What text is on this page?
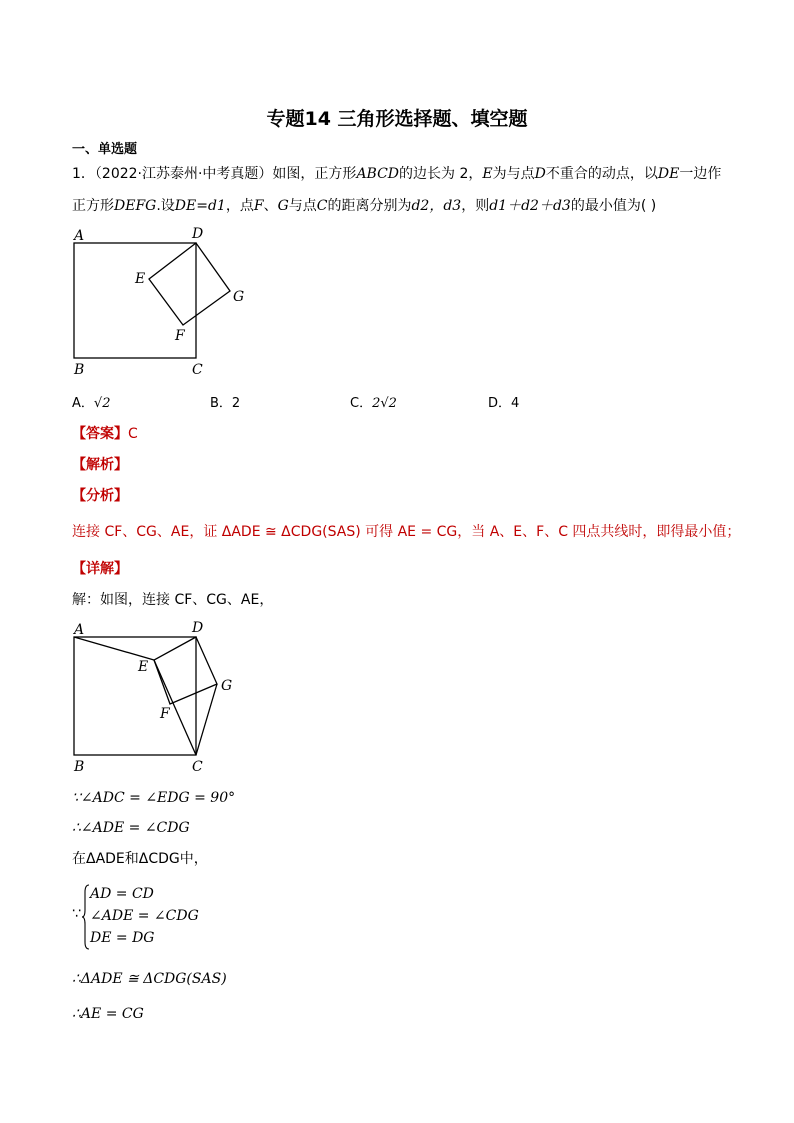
专题14 三角形选择题、填空题
一、单选题
1．（2022·江苏泰州·中考真题）如图，正方形ABCD的边长为 2，E为与点D不重合的动点，以DE一边作
正方形DEFG.设DE=d1，点F、G与点C的距离分别为d2，d3，则d1＋d2＋d3的最小值为( )
A	D
E
G
F
B	C
A．√2	B．2	C．2√2	D．4
【答案】C
【解析】
【分析】
连接 CF、CG、AE，证 ΔADE ≅ ΔCDG(SAS) 可得 AE = CG，当 A、E、F、C 四点共线时，即得最小值；
【详解】
解：如图，连接 CF、CG、AE，
A	D
E
G
F
B	C
∵∠ADC = ∠EDG = 90°
∴∠ADE = ∠CDG
在ΔADE和ΔCDG中，
∵
AD = CD
∠ADE = ∠CDG
DE = DG
∴ΔADE ≅ ΔCDG(SAS)
∴AE = CG
